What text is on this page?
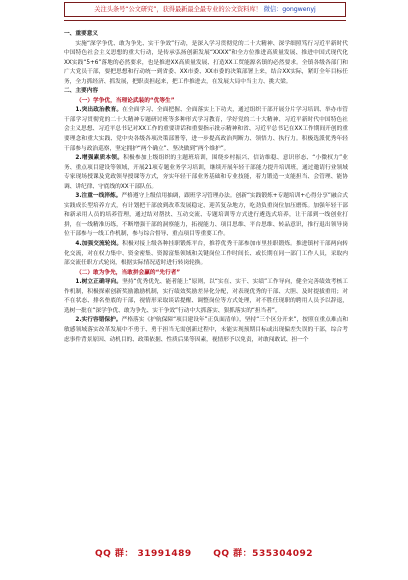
关注头条号“公文研究”，获得最新最全最专业的公文资料库！ 微信：gongwenyj

一、重要意义

实施“深学争优、敢为争先、实干争效”行动，是深入学习贯彻党的二十大精神、深学细照笃行习近平新时代中国特色社会主义思想的重大行动，是传承弘扬创新发展“XXXX”和全方位推进高质量发展、推进中国式现代化XX实践“5+6”落地的必然要求，也是推进XX高质量发展、打造XX工贸能源名镇的必然要求。全镇各级各部门和广大党员干部，要把思想和行动统一到省委、XX市委、XX市委的决策部署上来，结合XX实际，紧盯全年目标任务，全力抓经济、抓发展，把职责担起来，把工作推进去，在发展大局中当主力、挑大梁。

二、主要内容

（一）学争优，当理论武装的“优等生”

1.突出政治教育。在全面学习、全面把握、全面落实上下功夫，通过组织干部开展分片学习培训、举办市管干部学习贯彻党的二十大精神专题研讨班等多种形式学习教育，学好党的二十大精神、习近平新时代中国特色社会主义思想、习近平总书记对XX工作的重要讲话和重要指示批示精神和省、习近平总书记在XX工作期间开创的重要理念和重大实践、党中央各级各项决策部署等，进一步提高政治判断力、领悟力、执行力。积极选派优秀年轻干部参与政治巡察，坚定拥护“两个确立”、坚决做到“两个维护”。

2.增强素质本领。积极参加上级组织的主题班培训，围绕乡村振兴、信访维稳、意识形态、“小微权力”业务、重点项目建设等领域，开展21项专题业务学习培训，继续开展年轻干部能力提升培训班，通过邀请行业领域专家现场授课及党政领导授课等方式，夯实年轻干部业务基础和专业技能，着力锻造一支能担当、会管理、能协调、讲纪律、守底线的XX干部队伍。

3.注重一线淬炼。严格遵守上级信用抽调，跟班学习管理办法。创新“实践锻炼+专题培训+心得分享”融合式实践成长型培养方式，有计划把干部放到改革发展稳定、迎苦复杂地方，吃劲负重岗位加压磨炼。加强年轻干部和新录用人员的培养管理，通过结对帮扶、互动交流、专题培训等方式进行遴选式培养，让干部到一线创业打拼，在一线精准历练，不断增强干部的洞察能力，拓视能力、项目思维、平台思维、转品意识，推行退出领导岗位干部参与一线工作机制，参与综合督导、重点项目等重要工作。

4.加强交流轮岗。积极对接上级各种挂职锻炼平台，推荐优秀干部参加市里挂职锻炼。推进镇村干部两向转化交流，对在权力集中、资金密集、资源富集领域和关键岗位工作时间长、或长期在同一部门工作人员，采取内部交流任职方式轮岗，根据实际情况适时进行转岗轮换。

（二）敢为争先，当敢拼会赢的“先行者”

1.树立正确导向。坚持“优秀优先、能者能上”原则，以“实在、实干、实绩”工作导向，健全完善绩效考核工作机制，积极探索创新奖励激励机制，实行绩效奖励差异化分配，对表现优秀的干部、大胆、及时提拔重用；对不在状态、排名垫底的干部，视情形采取谈话提醒、调整岗位等方式处理，对不胜任现职的聘用人员予以辞退，选树一批在“深学争优、敢为争先、实干争效”行动中大抓落实、狠抓落实的“担当者”。

2.实行容错保护。严格落实《护航保障“项目建设年”正负面清单》，坚持“三个区分开来”，按照在重点难点和敏感领域落实改革发展中不勇于、勇于担当无需创新过程中，未能实现预期目标或出现偏差失误的干部，综合考虑事件背景原因、动机目的、政策依据、性质后果等因素，视情形予以免责，对敢闯敢试、担一个

QQ 群： 31991489 QQ 群：535304092
